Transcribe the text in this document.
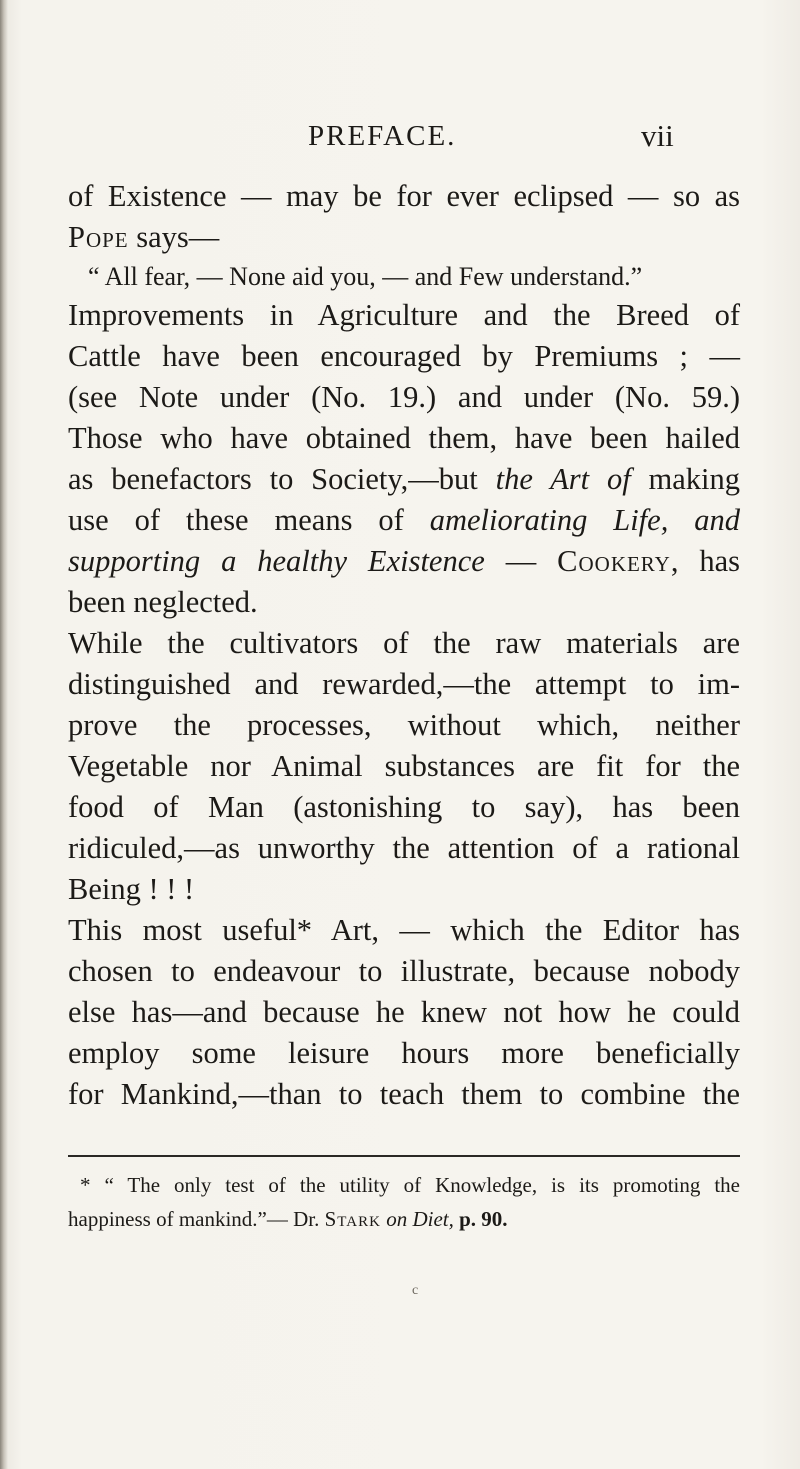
PREFACE.	vii
of Existence — may be for ever eclipsed — so as
Pope says—
“ All fear, — None aid you, — and Few understand.”
Improvements in Agriculture and the Breed of
Cattle have been encouraged by Premiums ; —
(see Note under (No. 19.) and under (No. 59.)
Those who have obtained them, have been hailed
as benefactors to Society,—but the Art of making
use of these means of ameliorating Life, and
supporting a healthy Existence — Cookery, has
been neglected.
While the cultivators of the raw materials are
distinguished and rewarded,—the attempt to im-
prove the processes, without which, neither
Vegetable nor Animal substances are fit for the
food of Man (astonishing to say), has been
ridiculed,—as unworthy the attention of a rational
Being ! ! !
This most useful* Art, — which the Editor has
chosen to endeavour to illustrate, because nobody
else has—and because he knew not how he could
employ some leisure hours more beneficially
for Mankind,—than to teach them to combine the
* “ The only test of the utility of Knowledge, is its promoting the
happiness of mankind.”— Dr. Stark on Diet, p. 90.
c
